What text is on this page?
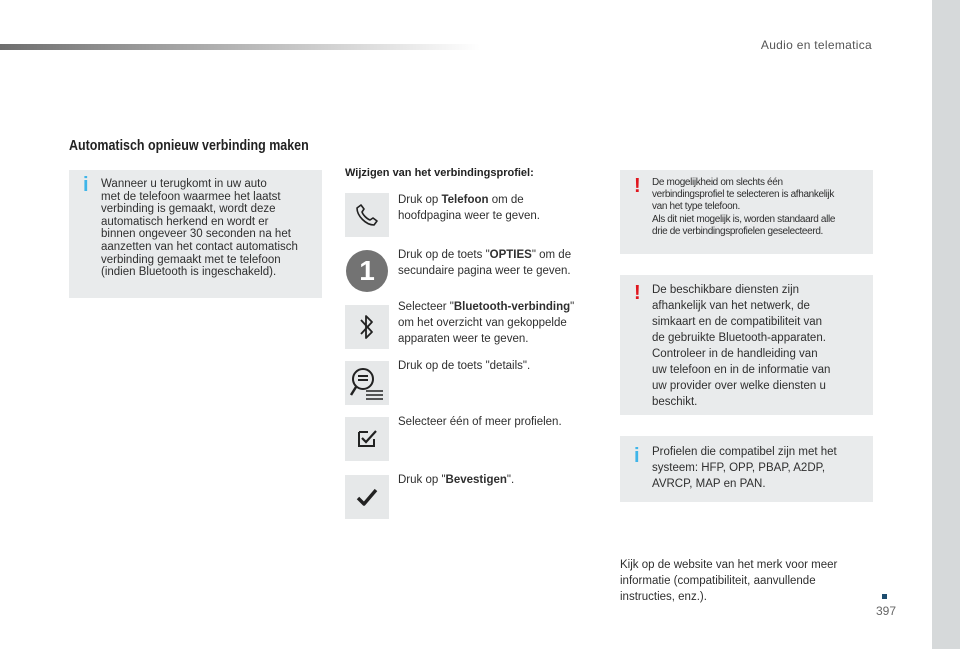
Audio en telematica
397
Automatisch opnieuw verbinding maken
i Wanneer u terugkomt in uw auto
met de telefoon waarmee het laatst
verbinding is gemaakt, wordt deze
automatisch herkend en wordt er
binnen ongeveer 30 seconden na het
aanzetten van het contact automatisch
verbinding gemaakt met te telefoon
(indien Bluetooth is ingeschakeld).
Wijzigen van het verbindingsprofiel:
Druk op Telefoon om de hoofdpagina weer te geven.
1	Druk op de toets "OPTIES" om de secundaire pagina weer te geven.
Selecteer "Bluetooth-verbinding" om het overzicht van gekoppelde apparaten weer te geven.
Druk op de toets "details".
Selecteer één of meer profielen.
Druk op "Bevestigen".
! De mogelijkheid om slechts één
verbindingsprofiel te selecteren is afhankelijk
van het type telefoon.
Als dit niet mogelijk is, worden standaard alle
drie de verbindingsprofielen geselecteerd.
! De beschikbare diensten zijn
afhankelijk van het netwerk, de
simkaart en de compatibiliteit van
de gebruikte Bluetooth-apparaten.
Controleer in de handleiding van
uw telefoon en in de informatie van
uw provider over welke diensten u
beschikt.
i Profielen die compatibel zijn met het
systeem: HFP, OPP, PBAP, A2DP,
AVRCP, MAP en PAN.
Kijk op de website van het merk voor meer
informatie (compatibiliteit, aanvullende
instructies, enz.).
